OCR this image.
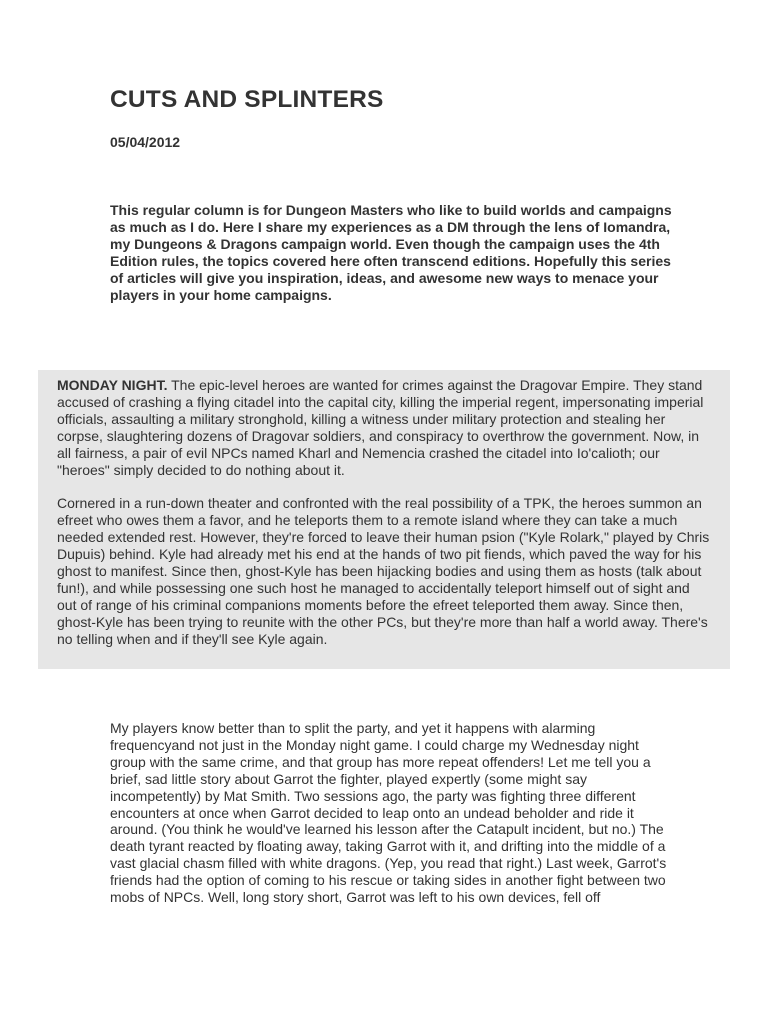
CUTS AND SPLINTERS
05/04/2012

This regular column is for Dungeon Masters who like to build worlds and campaigns as much as I do. Here I share my experiences as a DM through the lens of Iomandra, my Dungeons & Dragons campaign world. Even though the campaign uses the 4th Edition rules, the topics covered here often transcend editions. Hopefully this series of articles will give you inspiration, ideas, and awesome new ways to menace your players in your home campaigns.

MONDAY NIGHT. The epic-level heroes are wanted for crimes against the Dragovar Empire. They stand accused of crashing a flying citadel into the capital city, killing the imperial regent, impersonating imperial officials, assaulting a military stronghold, killing a witness under military protection and stealing her corpse, slaughtering dozens of Dragovar soldiers, and conspiracy to overthrow the government. Now, in all fairness, a pair of evil NPCs named Kharl and Nemencia crashed the citadel into Io'calioth; our "heroes" simply decided to do nothing about it.

Cornered in a run-down theater and confronted with the real possibility of a TPK, the heroes summon an efreet who owes them a favor, and he teleports them to a remote island where they can take a much needed extended rest. However, they're forced to leave their human psion ("Kyle Rolark," played by Chris Dupuis) behind. Kyle had already met his end at the hands of two pit fiends, which paved the way for his ghost to manifest. Since then, ghost-Kyle has been hijacking bodies and using them as hosts (talk about fun!), and while possessing one such host he managed to accidentally teleport himself out of sight and out of range of his criminal companions moments before the efreet teleported them away. Since then, ghost-Kyle has been trying to reunite with the other PCs, but they're more than half a world away. There's no telling when and if they'll see Kyle again.

My players know better than to split the party, and yet it happens with alarming frequencyand not just in the Monday night game. I could charge my Wednesday night group with the same crime, and that group has more repeat offenders! Let me tell you a brief, sad little story about Garrot the fighter, played expertly (some might say incompetently) by Mat Smith. Two sessions ago, the party was fighting three different encounters at once when Garrot decided to leap onto an undead beholder and ride it around. (You think he would've learned his lesson after the Catapult incident, but no.) The death tyrant reacted by floating away, taking Garrot with it, and drifting into the middle of a vast glacial chasm filled with white dragons. (Yep, you read that right.) Last week, Garrot's friends had the option of coming to his rescue or taking sides in another fight between two mobs of NPCs. Well, long story short, Garrot was left to his own devices, fell off
